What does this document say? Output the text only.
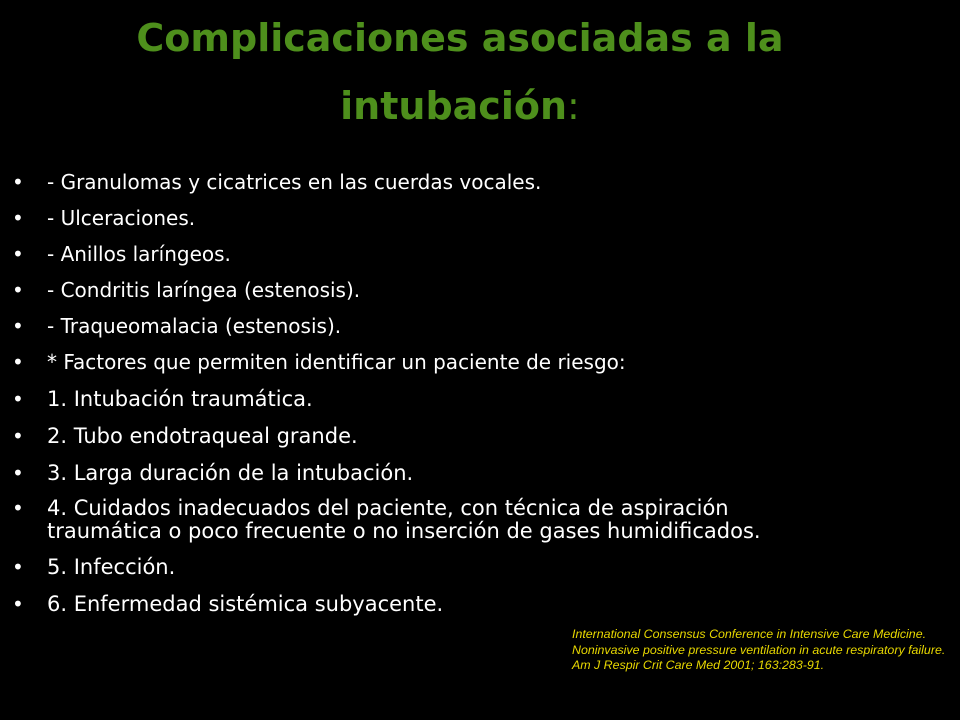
Complicaciones asociadas a la intubación:
• - Granulomas y cicatrices en las cuerdas vocales.
• - Ulceraciones.
• - Anillos laríngeos.
• - Condritis laríngea (estenosis).
• - Traqueomalacia (estenosis).
• * Factores que permiten identificar un paciente de riesgo:
• 1. Intubación traumática.
• 2. Tubo endotraqueal grande.
• 3. Larga duración de la intubación.
• 4. Cuidados inadecuados del paciente, con técnica de aspiración traumática o poco frecuente o no inserción de gases humidificados.
• 5. Infección.
• 6. Enfermedad sistémica subyacente.
International Consensus Conference in Intensive Care Medicine. Noninvasive positive pressure ventilation in acute respiratory failure. Am J Respir Crit Care Med 2001; 163:283-91.
